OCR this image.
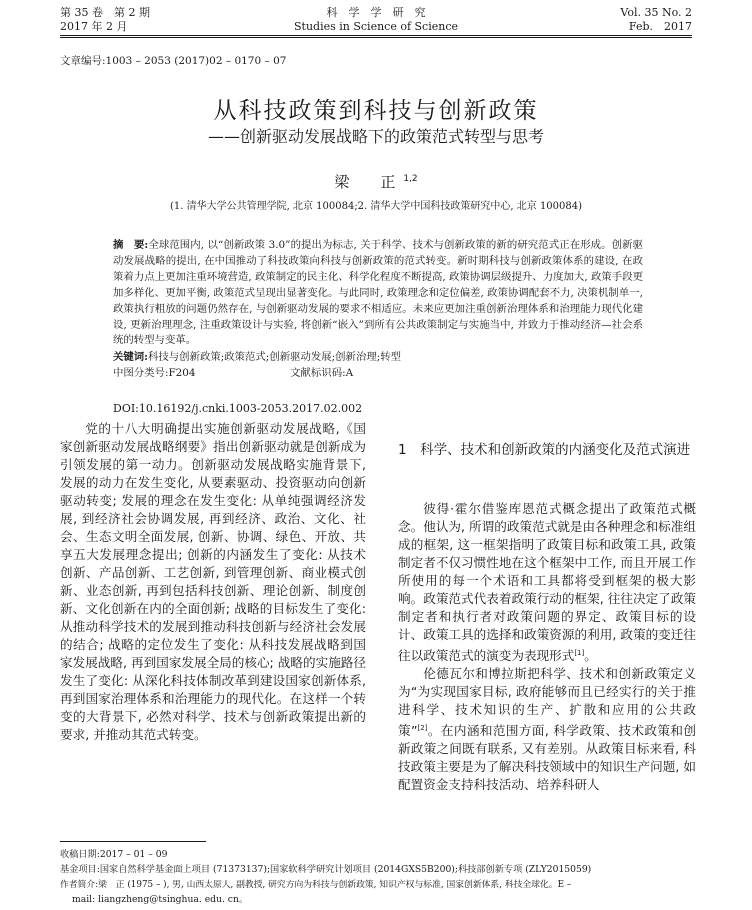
第 35 卷　第 2 期
2017 年 2 月
科　学　学　研　究
Studies in Science of Science
Vol. 35 No. 2
Feb.　2017
文章编号:1003 – 2053 (2017)02 – 0170 – 07
从科技政策到科技与创新政策
——创新驱动发展战略下的政策范式转型与思考
梁　正$^{1,2}$
(1. 清华大学公共管理学院, 北京 100084;2. 清华大学中国科技政策研究中心, 北京 100084)

摘　要:全球范围内, 以“创新政策 3.0”的提出为标志, 关于科学、技术与创新政策的新的研究范式正在形成。创新驱动发展战略的提出, 在中国推动了科技政策向科技与创新政策的范式转变。新时期科技与创新政策体系的建设, 在政策着力点上更加注重环境营造, 政策制定的民主化、科学化程度不断提高, 政策协调层级提升、力度加大, 政策手段更加多样化、更加平衡, 政策范式呈现出显著变化。与此同时, 政策理念和定位偏差, 政策协调配套不力, 决策机制单一, 政策执行粗放的问题仍然存在, 与创新驱动发展的要求不相适应。未来应更加注重创新治理体系和治理能力现代化建设, 更新治理理念, 注重政策设计与实验, 将创新“嵌入”到所有公共政策制定与实施当中, 并致力于推动经济—社会系统的转型与变革。

关键词:科技与创新政策;政策范式;创新驱动发展;创新治理;转型
中图分类号:F204	文献标识码:A
DOI:10.16192/j.cnki.1003-2053.2017.02.002

党的十八大明确提出实施创新驱动发展战略,《国家创新驱动发展战略纲要》指出创新驱动就是创新成为引领发展的第一动力。创新驱动发展战略实施背景下, 发展的动力在发生变化, 从要素驱动、投资驱动向创新驱动转变; 发展的理念在发生变化: 从单纯强调经济发展, 到经济社会协调发展, 再到经济、政治、文化、社会、生态文明全面发展, 创新、协调、绿色、开放、共享五大发展理念提出; 创新的内涵发生了变化: 从技术创新、产品创新、工艺创新, 到管理创新、商业模式创新、业态创新, 再到包括科技创新、理论创新、制度创新、文化创新在内的全面创新; 战略的目标发生了变化: 从推动科学技术的发展到推动科技创新与经济社会发展的结合; 战略的定位发生了变化: 从科技发展战略到国家发展战略, 再到国家发展全局的核心; 战略的实施路径发生了变化: 从深化科技体制改革到建设国家创新体系, 再到国家治理体系和治理能力的现代化。在这样一个转变的大背景下, 必然对科学、技术与创新政策提出新的要求, 并推动其范式转变。

1　科学、技术和创新政策的内涵变化及范式演进

彼得·霍尔借鉴库恩范式概念提出了政策范式概念。他认为, 所谓的政策范式就是由各种理念和标准组成的框架, 这一框架指明了政策目标和政策工具, 政策制定者不仅习惯性地在这个框架中工作, 而且开展工作所使用的每一个术语和工具都将受到框架的极大影响。政策范式代表着政策行动的框架, 往往决定了政策制定者和执行者对政策问题的界定、政策目标的设计、政策工具的选择和政策资源的利用, 政策的变迁往往以政策范式的演变为表现形式[1]。

伦德瓦尔和博拉斯把科学、技术和创新政策定义为“为实现国家目标, 政府能够而且已经实行的关于推进科学、技术知识的生产、扩散和应用的公共政策”[2]。在内涵和范围方面, 科学政策、技术政策和创新政策之间既有联系, 又有差别。从政策目标来看, 科技政策主要是为了解决科技领域中的知识生产问题, 如配置资金支持科技活动、培养科研人

收稿日期:2017 – 01 – 09
基金项目:国家自然科学基金面上项目 (71373137);国家软科学研究计划项目 (2014GXS5B200);科技部创新专项 (ZLY2015059)
作者简介:梁　正 (1975 – ), 男, 山西太原人, 副教授, 研究方向为科技与创新政策, 知识产权与标准, 国家创新体系, 科技全球化。E –
mail: liangzheng@tsinghua. edu. cn。
